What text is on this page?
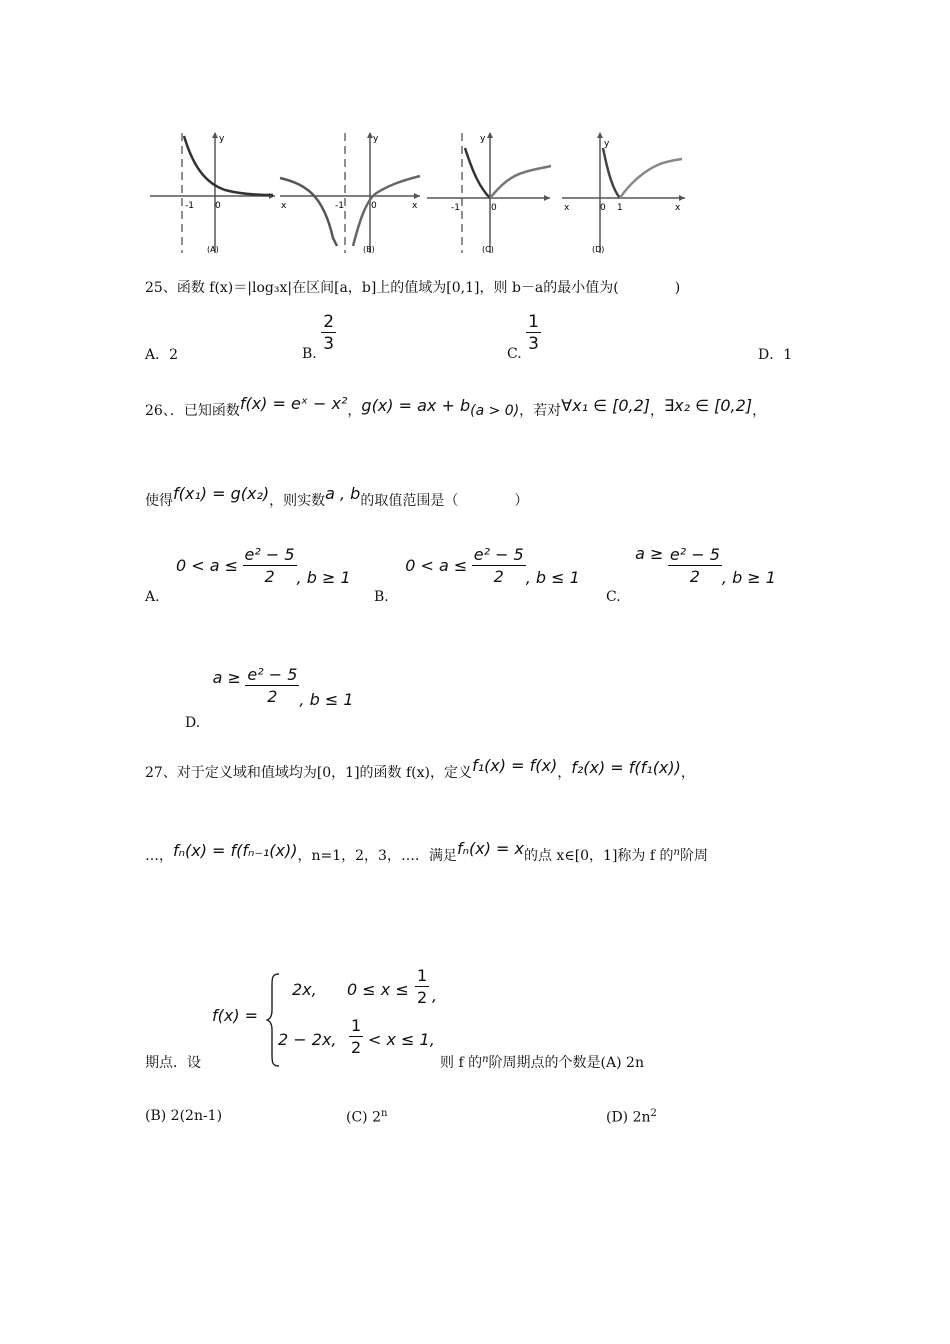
-1 0
y
(A)
x	-1	0
y
x
(B)
-1	0
y
(C)
x	0 1
y
x
(D)
25、函数 f(x)＝|log₃x|在区间[a，b]上的值域为[0,1]，则 b－a的最小值为(　　　　)
A．2	B. $\frac{2}{3}$	C. $\frac{1}{3}$	D．1
26、．已知函数f(x) = eˣ − x²，g(x) = ax + b(a > 0)，若对∀x₁ ∈ [0,2]，∃x₂ ∈ [0,2]，
使得f(x₁) = g(x₂)，则实数a , b的取值范围是（　　　　）
A. $0 < a \le \frac{\text{e² − 5}}{2}$ , b ≥ 1
B. $0 < a \le \frac{\text{e² − 5}}{2}$ , b ≤ 1
C. $a \ge \frac{\text{e² − 5}}{2}$ , b ≥ 1
D. $a \ge \frac{\text{e² − 5}}{2}$ , b ≤ 1
27、对于定义域和值域均为[0，1]的函数 f(x)，定义f₁(x) = f(x)，f₂(x) = f(f₁(x))，
…，fₙ(x) = f(fₙ₋₁(x))，n=1，2，3，…．满足fₙ(x) = x的点 x∈[0，1]称为 f 的$^n$阶周
f(x) =
2x, $0 \le x \le \frac{1}{2}$ ,
2 − 2x, $\frac{1}{2} < x \le 1$,
期点．设	则 f 的$^n$阶周期点的个数是(A) 2n
(B) 2(2n-1)	(C) 2$^n$	(D) $2n^2$
